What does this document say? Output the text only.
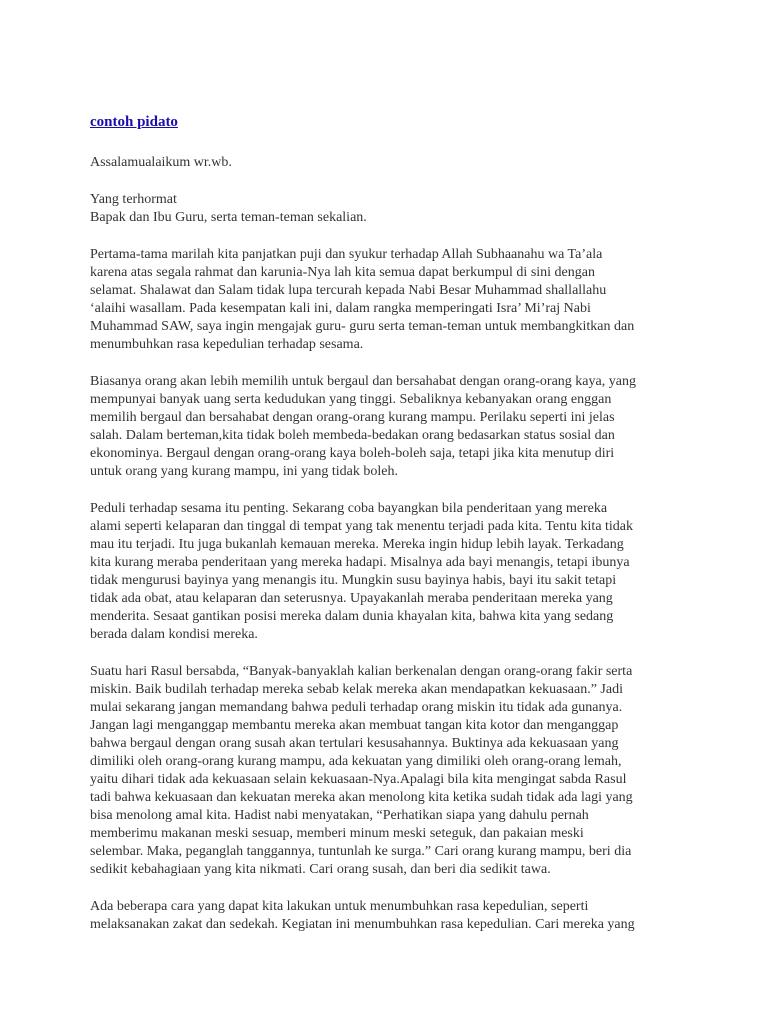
contoh pidato

Assalamualaikum wr.wb.

Yang terhormat
Bapak dan Ibu Guru, serta teman-teman sekalian.

Pertama-tama marilah kita panjatkan puji dan syukur terhadap Allah Subhaanahu wa Ta’ala
karena atas segala rahmat dan karunia-Nya lah kita semua dapat berkumpul di sini dengan
selamat. Shalawat dan Salam tidak lupa tercurah kepada Nabi Besar Muhammad shallallahu
‘alaihi wasallam. Pada kesempatan kali ini, dalam rangka memperingati Isra’ Mi’raj Nabi
Muhammad SAW, saya ingin mengajak guru- guru serta teman-teman untuk membangkitkan dan
menumbuhkan rasa kepedulian terhadap sesama.

Biasanya orang akan lebih memilih untuk bergaul dan bersahabat dengan orang-orang kaya, yang
mempunyai banyak uang serta kedudukan yang tinggi. Sebaliknya kebanyakan orang enggan
memilih bergaul dan bersahabat dengan orang-orang kurang mampu. Perilaku seperti ini jelas
salah. Dalam berteman,kita tidak boleh membeda-bedakan orang bedasarkan status sosial dan
ekonominya. Bergaul dengan orang-orang kaya boleh-boleh saja, tetapi jika kita menutup diri
untuk orang yang kurang mampu, ini yang tidak boleh.

Peduli terhadap sesama itu penting. Sekarang coba bayangkan bila penderitaan yang mereka
alami seperti kelaparan dan tinggal di tempat yang tak menentu terjadi pada kita. Tentu kita tidak
mau itu terjadi. Itu juga bukanlah kemauan mereka. Mereka ingin hidup lebih layak. Terkadang
kita kurang meraba penderitaan yang mereka hadapi. Misalnya ada bayi menangis, tetapi ibunya
tidak mengurusi bayinya yang menangis itu. Mungkin susu bayinya habis, bayi itu sakit tetapi
tidak ada obat, atau kelaparan dan seterusnya. Upayakanlah meraba penderitaan mereka yang
menderita. Sesaat gantikan posisi mereka dalam dunia khayalan kita, bahwa kita yang sedang
berada dalam kondisi mereka.

Suatu hari Rasul bersabda, “Banyak-banyaklah kalian berkenalan dengan orang-orang fakir serta
miskin. Baik budilah terhadap mereka sebab kelak mereka akan mendapatkan kekuasaan.” Jadi
mulai sekarang jangan memandang bahwa peduli terhadap orang miskin itu tidak ada gunanya.
Jangan lagi menganggap membantu mereka akan membuat tangan kita kotor dan menganggap
bahwa bergaul dengan orang susah akan tertulari kesusahannya. Buktinya ada kekuasaan yang
dimiliki oleh orang-orang kurang mampu, ada kekuatan yang dimiliki oleh orang-orang lemah,
yaitu dihari tidak ada kekuasaan selain kekuasaan-Nya.Apalagi bila kita mengingat sabda Rasul
tadi bahwa kekuasaan dan kekuatan mereka akan menolong kita ketika sudah tidak ada lagi yang
bisa menolong amal kita. Hadist nabi menyatakan, “Perhatikan siapa yang dahulu pernah
memberimu makanan meski sesuap, memberi minum meski seteguk, dan pakaian meski
selembar. Maka, peganglah tanggannya, tuntunlah ke surga.” Cari orang kurang mampu, beri dia
sedikit kebahagiaan yang kita nikmati. Cari orang susah, dan beri dia sedikit tawa.

Ada beberapa cara yang dapat kita lakukan untuk menumbuhkan rasa kepedulian, seperti
melaksanakan zakat dan sedekah. Kegiatan ini menumbuhkan rasa kepedulian. Cari mereka yang
